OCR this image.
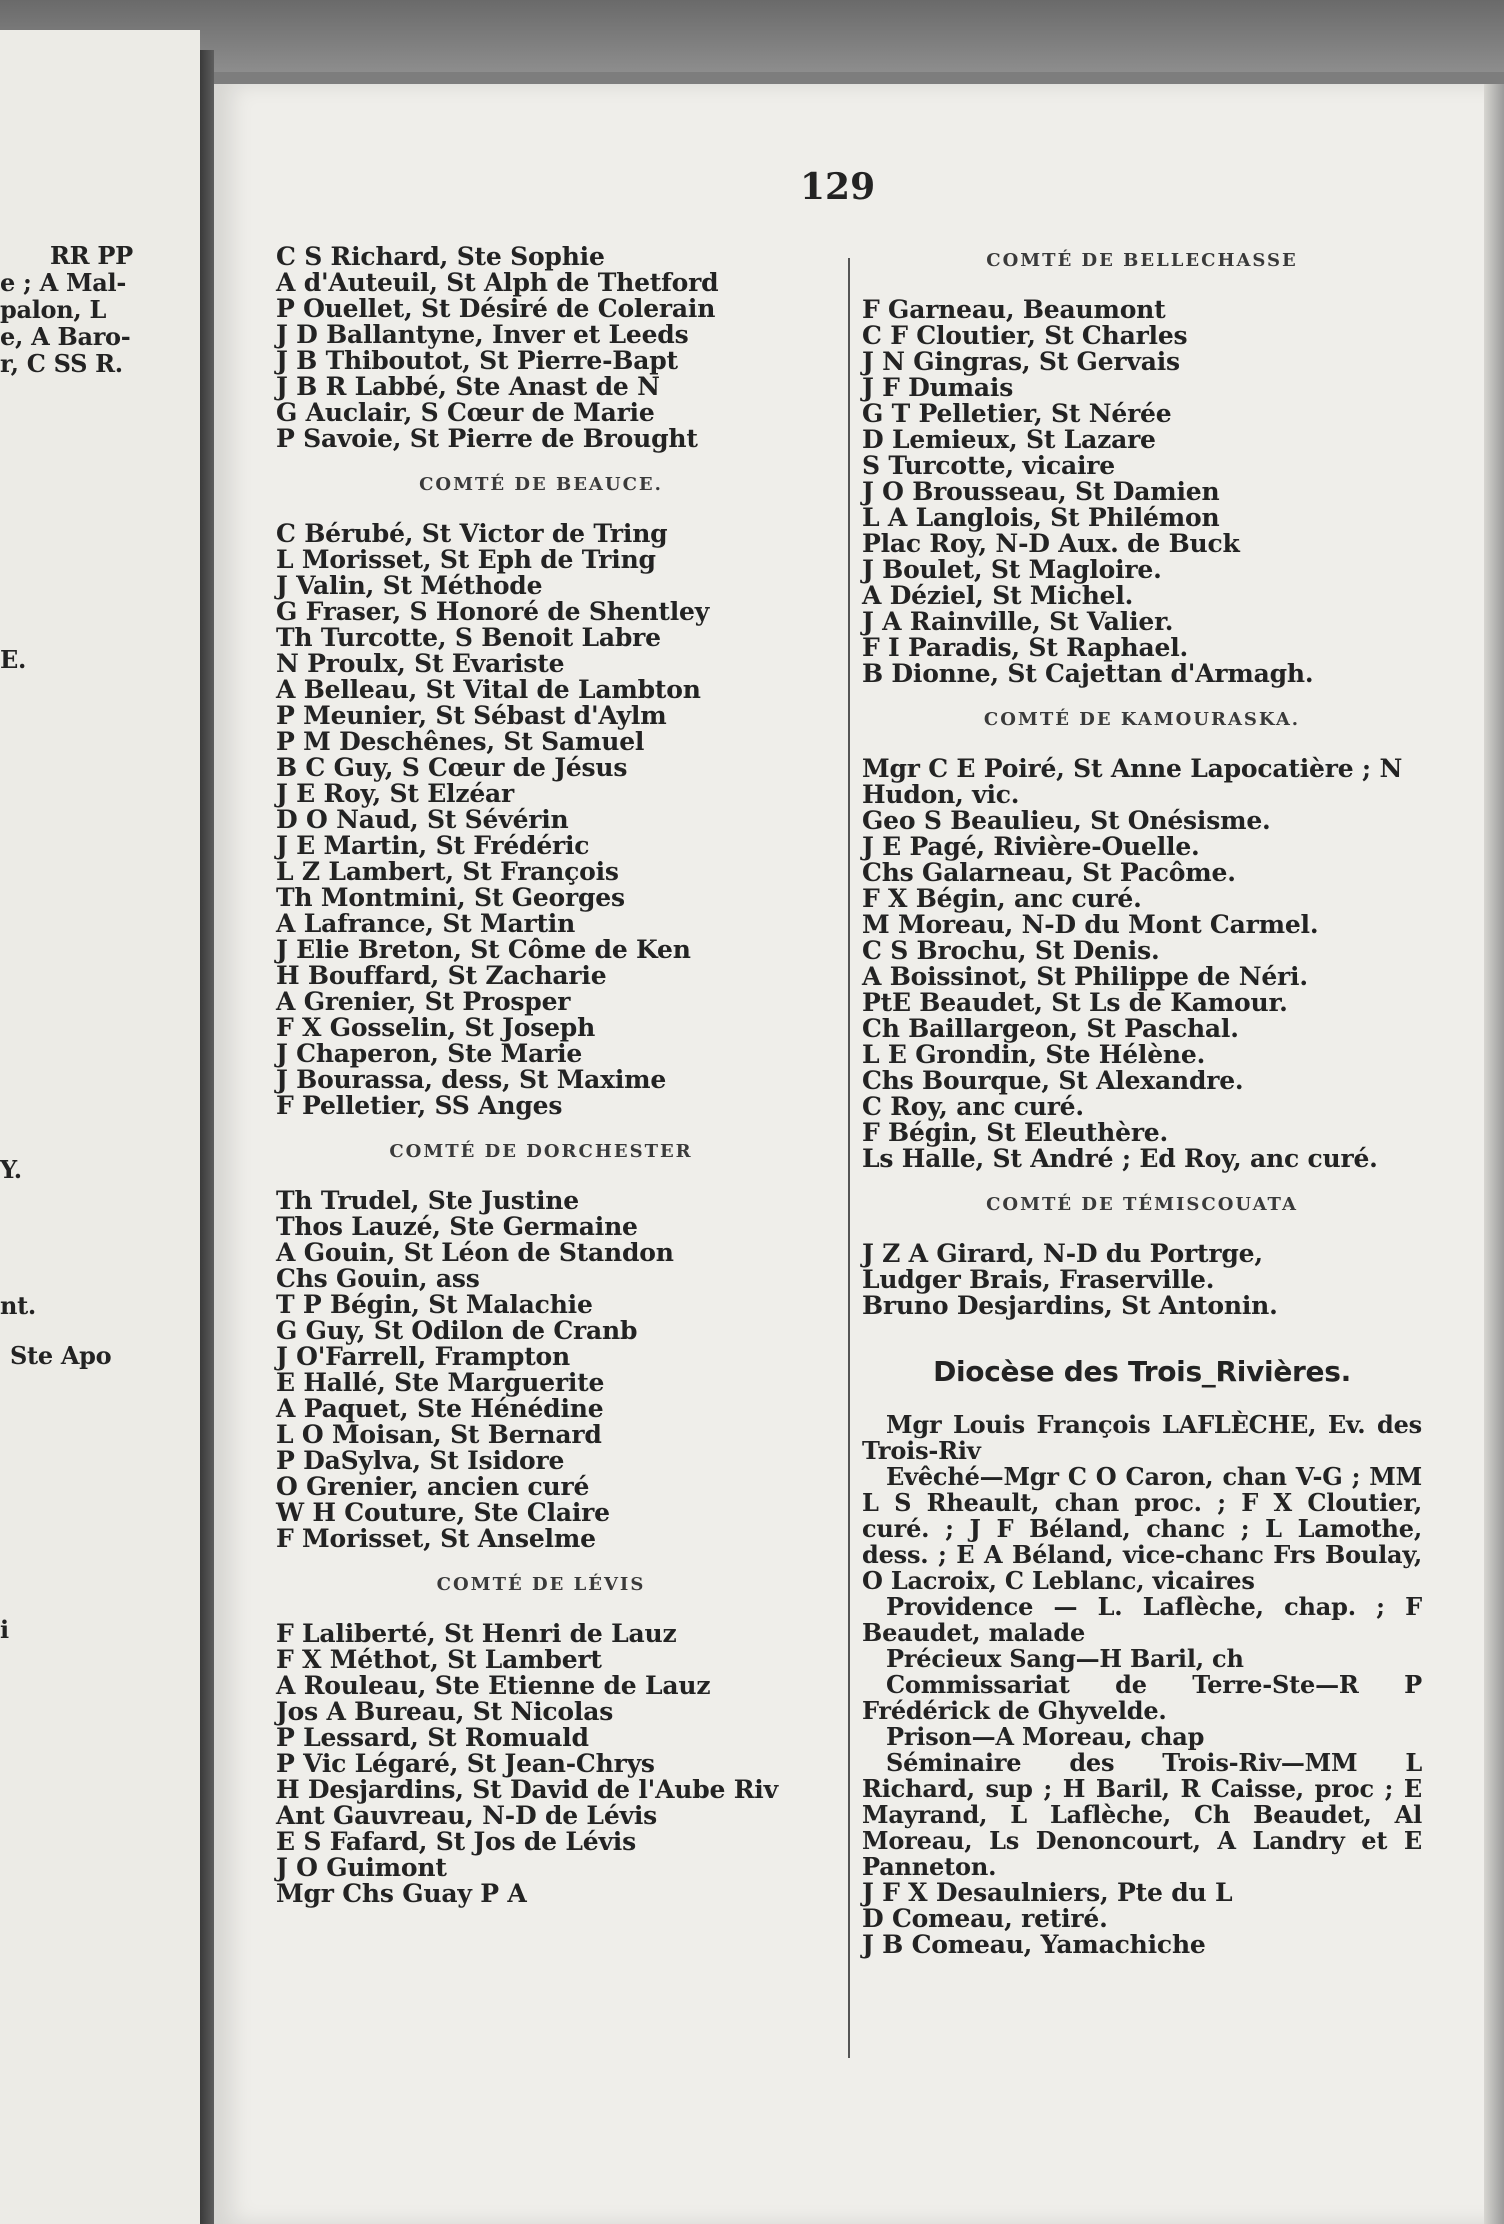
RR PP
e ; A Mal-
palon, L
e, A Baro-
r, C SS R.
E.
Y.
nt.
Ste Apo
i
129
C S Richard, Ste Sophie
A d'Auteuil, St Alph de Thetford
P Ouellet, St Désiré de Colerain
J D Ballantyne, Inver et Leeds
J B Thiboutot, St Pierre-Bapt
J B R Labbé, Ste Anast de N
G Auclair, S Cœur de Marie
P Savoie, St Pierre de Brought
COMTÉ DE BEAUCE.
C Bérubé, St Victor de Tring
L Morisset, St Eph de Tring
J Valin, St Méthode
G Fraser, S Honoré de Shentley
Th Turcotte, S Benoit Labre
N Proulx, St Evariste
A Belleau, St Vital de Lambton
P Meunier, St Sébast d'Aylm
P M Deschênes, St Samuel
B C Guy, S Cœur de Jésus
J E Roy, St Elzéar
D O Naud, St Sévérin
J E Martin, St Frédéric
L Z Lambert, St François
Th Montmini, St Georges
A Lafrance, St Martin
J Elie Breton, St Côme de Ken
H Bouffard, St Zacharie
A Grenier, St Prosper
F X Gosselin, St Joseph
J Chaperon, Ste Marie
J Bourassa, dess, St Maxime
F Pelletier, SS Anges
COMTÉ DE DORCHESTER
Th Trudel, Ste Justine
Thos Lauzé, Ste Germaine
A Gouin, St Léon de Standon
Chs Gouin, ass
T P Bégin, St Malachie
G Guy, St Odilon de Cranb
J O'Farrell, Frampton
E Hallé, Ste Marguerite
A Paquet, Ste Hénédine
L O Moisan, St Bernard
P DaSylva, St Isidore
O Grenier, ancien curé
W H Couture, Ste Claire
F Morisset, St Anselme
COMTÉ DE LÉVIS
F Laliberté, St Henri de Lauz
F X Méthot, St Lambert
A Rouleau, Ste Etienne de Lauz
Jos A Bureau, St Nicolas
P Lessard, St Romuald
P Vic Légaré, St Jean-Chrys
H Desjardins, St David de l'Aube Riv
Ant Gauvreau, N-D de Lévis
E S Fafard, St Jos de Lévis
J O Guimont
Mgr Chs Guay P A
COMTÉ DE BELLECHASSE
F Garneau, Beaumont
C F Cloutier, St Charles
J N Gingras, St Gervais
J F Dumais
G T Pelletier, St Nérée
D Lemieux, St Lazare
S Turcotte, vicaire
J O Brousseau, St Damien
L A Langlois, St Philémon
Plac Roy, N-D Aux. de Buck
J Boulet, St Magloire.
A Déziel, St Michel.
J A Rainville, St Valier.
F I Paradis, St Raphael.
B Dionne, St Cajettan d'Armagh.
COMTÉ DE KAMOURASKA.
Mgr C E Poiré, St Anne Lapocatière ; N Hudon, vic.
Geo S Beaulieu, St Onésisme.
J E Pagé, Rivière-Ouelle.
Chs Galarneau, St Pacôme.
F X Bégin, anc curé.
M Moreau, N-D du Mont Carmel.
C S Brochu, St Denis.
A Boissinot, St Philippe de Néri.
PtE Beaudet, St Ls de Kamour.
Ch Baillargeon, St Paschal.
L E Grondin, Ste Hélène.
Chs Bourque, St Alexandre.
C Roy, anc curé.
F Bégin, St Eleuthère.
Ls Halle, St André ; Ed Roy, anc curé.
COMTÉ DE TÉMISCOUATA
J Z A Girard, N-D du Portrge,
Ludger Brais, Fraserville.
Bruno Desjardins, St Antonin.
Diocèse des Trois_Rivières.
Mgr Louis François LAFLÈCHE, Ev. des Trois-Riv
Evêché—Mgr C O Caron, chan V-G ; MM L S Rheault, chan proc. ; F X Cloutier, curé. ; J F Béland, chanc ; L Lamothe, dess. ; E A Béland, vice-chanc Frs Boulay, O Lacroix, C Leblanc, vicaires
Providence — L. Laflèche, chap. ; F Beaudet, malade
Précieux Sang—H Baril, ch
Commissariat de Terre-Ste—R P Frédérick de Ghyvelde.
Prison—A Moreau, chap
Séminaire des Trois-Riv—MM L Richard, sup ; H Baril, R Caisse, proc ; E Mayrand, L Laflèche, Ch Beaudet, Al Moreau, Ls Denoncourt, A Landry et E Panneton.
J F X Desaulniers, Pte du L
D Comeau, retiré.
J B Comeau, Yamachiche
